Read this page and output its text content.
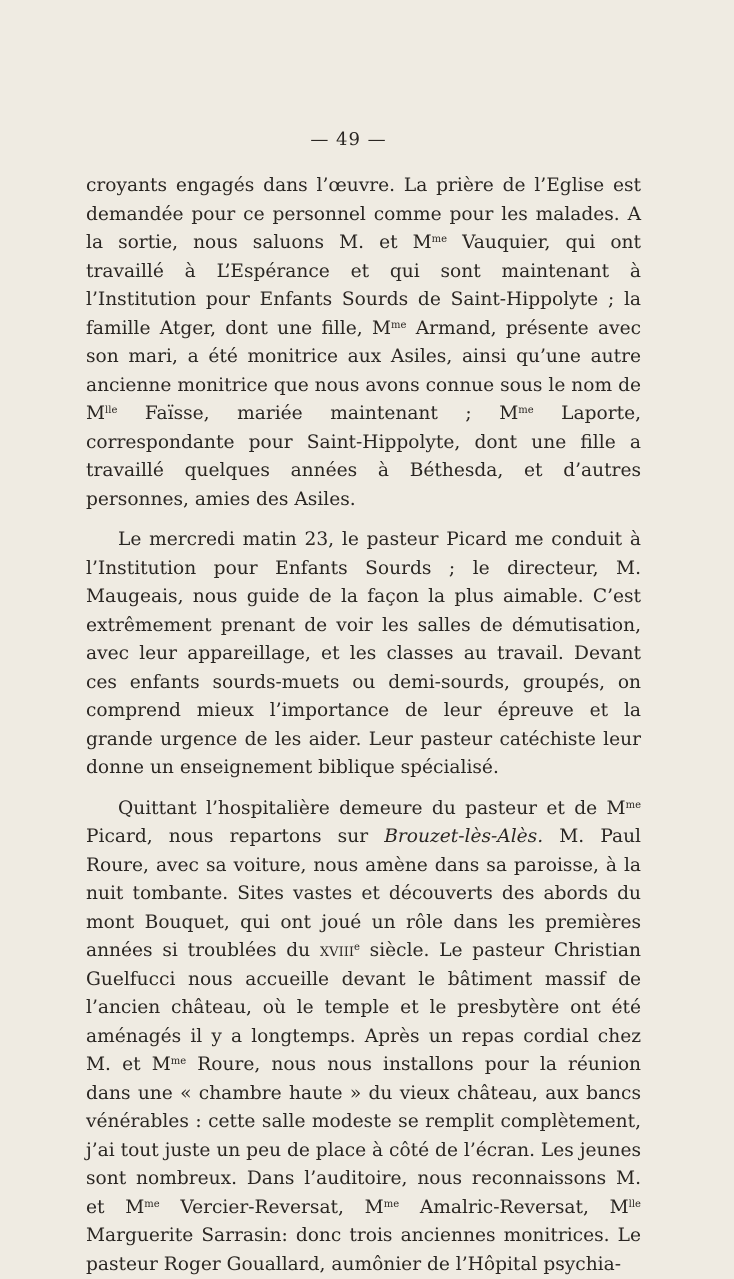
— 49 —

croyants engagés dans l’œuvre. La prière de l’Eglise est demandée pour ce personnel comme pour les malades. A la sortie, nous saluons M. et $M^{me}$ Vauquier, qui ont travaillé à L’Espérance et qui sont maintenant à l’Institution pour Enfants Sourds de Saint-Hippolyte ; la famille Atger, dont une fille, $M^{me}$ Armand, présente avec son mari, a été monitrice aux Asiles, ainsi qu’une autre ancienne monitrice que nous avons connue sous le nom de $M^{lle}$ Faïsse, mariée maintenant ; $M^{me}$ Laporte, correspondante pour Saint-Hippolyte, dont une fille a travaillé quelques années à Béthesda, et d’autres personnes, amies des Asiles.

Le mercredi matin 23, le pasteur Picard me conduit à l’Institution pour Enfants Sourds ; le directeur, M. Maugeais, nous guide de la façon la plus aimable. C’est extrêmement prenant de voir les salles de démutisation, avec leur appareillage, et les classes au travail. Devant ces enfants sourds-muets ou demi-sourds, groupés, on comprend mieux l’importance de leur épreuve et la grande urgence de les aider. Leur pasteur catéchiste leur donne un enseignement biblique spécialisé.

Quittant l’hospitalière demeure du pasteur et de $M^{me}$ Picard, nous repartons sur Brouzet-lès-Alès. M. Paul Roure, avec sa voiture, nous amène dans sa paroisse, à la nuit tombante. Sites vastes et découverts des abords du mont Bouquet, qui ont joué un rôle dans les premières années si troublées du xviii$^e$ siècle. Le pasteur Christian Guelfucci nous accueille devant le bâtiment massif de l’ancien château, où le temple et le presbytère ont été aménagés il y a longtemps. Après un repas cordial chez M. et $M^{me}$ Roure, nous nous installons pour la réunion dans une « chambre haute » du vieux château, aux bancs vénérables : cette salle modeste se remplit complètement, j’ai tout juste un peu de place à côté de l’écran. Les jeunes sont nombreux. Dans l’auditoire, nous reconnaissons M. et $M^{me}$ Vercier-Reversat, $M^{me}$ Amalric-Reversat, $M^{lle}$ Marguerite Sarrasin: donc trois anciennes monitrices. Le pasteur Roger Gouallard, aumônier de l’Hôpital psychia-
